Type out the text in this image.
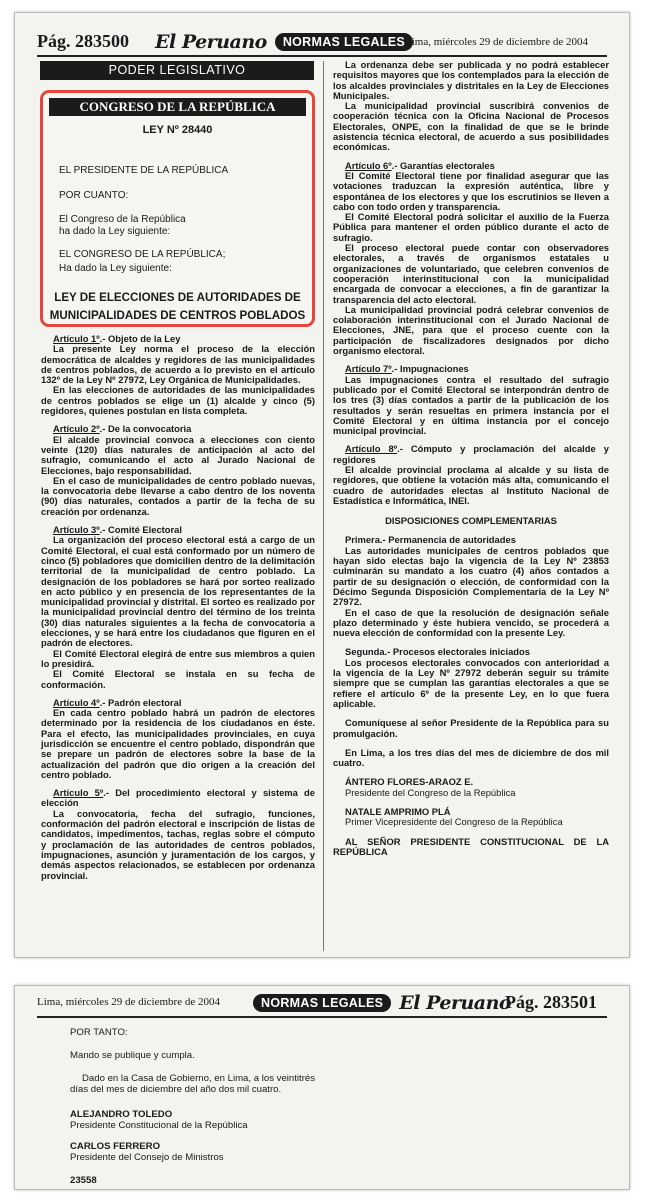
Pág. 283500 El Peruano	NORMAS LEGALES Lima, miércoles 29 de diciembre de 2004
PODER LEGISLATIVO
CONGRESO DE LA REPÚBLICA
LEY Nº 28440
EL PRESIDENTE DE LA REPÚBLICA
POR CUANTO:
El Congreso de la República
ha dado la Ley siguiente:
EL CONGRESO DE LA REPÚBLICA;
Ha dado la Ley siguiente:
LEY DE ELECCIONES DE AUTORIDADES DE MUNICIPALIDADES DE CENTROS POBLADOS

Artículo 1º.- Objeto de la Ley

La presente Ley norma el proceso de la elección democrática de alcaldes y regidores de las municipalidades de centros poblados, de acuerdo a lo previsto en el artículo 132º de la Ley Nº 27972, Ley Orgánica de Municipalidades.

En las elecciones de autoridades de las municipalidades de centros poblados se elige un (1) alcalde y cinco (5) regidores, quienes postulan en lista completa.

Artículo 2º.- De la convocatoria

El alcalde provincial convoca a elecciones con ciento veinte (120) días naturales de anticipación al acto del sufragio, comunicando el acto al Jurado Nacional de Elecciones, bajo responsabilidad.

En el caso de municipalidades de centro poblado nuevas, la convocatoria debe llevarse a cabo dentro de los noventa (90) días naturales, contados a partir de la fecha de su creación por ordenanza.

Artículo 3º.- Comité Electoral

La organización del proceso electoral está a cargo de un Comité Electoral, el cual está conformado por un número de cinco (5) pobladores que domicilien dentro de la delimitación territorial de la municipalidad de centro poblado. La designación de los pobladores se hará por sorteo realizado en acto público y en presencia de los representantes de la municipalidad provincial y distrital. El sorteo es realizado por la municipalidad provincial dentro del término de los treinta (30) días naturales siguientes a la fecha de convocatoria a elecciones, y se hará entre los ciudadanos que figuren en el padrón de electores.

El Comité Electoral elegirá de entre sus miembros a quien lo presidirá.

El Comité Electoral se instala en su fecha de conformación.

Artículo 4º.- Padrón electoral

En cada centro poblado habrá un padrón de electores determinado por la residencia de los ciudadanos en éste. Para el efecto, las municipalidades provinciales, en cuya jurisdicción se encuentre el centro poblado, dispondrán que se prepare un padrón de electores sobre la base de la actualización del padrón que dio origen a la creación del centro poblado.

Artículo 5º.- Del procedimiento electoral y sistema de elección

La convocatoria, fecha del sufragio, funciones, conformación del padrón electoral e inscripción de listas de candidatos, impedimentos, tachas, reglas sobre el cómputo y proclamación de las autoridades de centros poblados, impugnaciones, asunción y juramentación de los cargos, y demás aspectos relacionados, se establecen por ordenanza provincial.

La ordenanza debe ser publicada y no podrá establecer requisitos mayores que los contemplados para la elección de los alcaldes provinciales y distritales en la Ley de Elecciones Municipales.

La municipalidad provincial suscribirá convenios de cooperación técnica con la Oficina Nacional de Procesos Electorales, ONPE, con la finalidad de que se le brinde asistencia técnica electoral, de acuerdo a sus posibilidades económicas.

Artículo 6º.- Garantías electorales

El Comité Electoral tiene por finalidad asegurar que las votaciones traduzcan la expresión auténtica, libre y espontánea de los electores y que los escrutinios se lleven a cabo con todo orden y transparencia.

El Comité Electoral podrá solicitar el auxilio de la Fuerza Pública para mantener el orden público durante el acto de sufragio.

El proceso electoral puede contar con observadores electorales, a través de organismos estatales u organizaciones de voluntariado, que celebren convenios de cooperación interinstitucional con la municipalidad encargada de convocar a elecciones, a fin de garantizar la transparencia del acto electoral.

La municipalidad provincial podrá celebrar convenios de colaboración interinstitucional con el Jurado Nacional de Elecciones, JNE, para que el proceso cuente con la participación de fiscalizadores designados por dicho organismo electoral.

Artículo 7º.- Impugnaciones

Las impugnaciones contra el resultado del sufragio publicado por el Comité Electoral se interpondrán dentro de los tres (3) días contados a partir de la publicación de los resultados y serán resueltas en primera instancia por el Comité Electoral y en última instancia por el concejo municipal provincial.

Artículo 8º.- Cómputo y proclamación del alcalde y regidores

El alcalde provincial proclama al alcalde y su lista de regidores, que obtiene la votación más alta, comunicando el cuadro de autoridades electas al Instituto Nacional de Estadística e Informática, INEI.

DISPOSICIONES COMPLEMENTARIAS

Primera.- Permanencia de autoridades

Las autoridades municipales de centros poblados que hayan sido electas bajo la vigencia de la Ley Nº 23853 culminarán su mandato a los cuatro (4) años contados a partir de su designación o elección, de conformidad con la Décimo Segunda Disposición Complementaria de la Ley Nº 27972.

En el caso de que la resolución de designación señale plazo determinado y éste hubiera vencido, se procederá a nueva elección de conformidad con la presente Ley.

Segunda.- Procesos electorales iniciados

Los procesos electorales convocados con anterioridad a la vigencia de la Ley Nº 27972 deberán seguir su trámite siempre que se cumplan las garantías electorales a que se refiere el artículo 6º de la presente Ley, en lo que fuera aplicable.

Comuníquese al señor Presidente de la República para su promulgación.

En Lima, a los tres días del mes de diciembre de dos mil cuatro.

ÁNTERO FLORES-ARAOZ E.

Presidente del Congreso de la República

NATALE AMPRIMO PLÁ

Primer Vicepresidente del Congreso de la República

AL SEÑOR PRESIDENTE CONSTITUCIONAL DE LA REPÚBLICA

Lima, miércoles 29 de diciembre de 2004	NORMAS LEGALES El Peruano
Pág. 283501
POR TANTO:
Mando se publique y cumpla.
Dado en la Casa de Gobierno, en Lima, a los veintitrés días del mes de diciembre del año dos mil cuatro.
ALEJANDRO TOLEDO
Presidente Constitucional de la República
CARLOS FERRERO
Presidente del Consejo de Ministros
23558
